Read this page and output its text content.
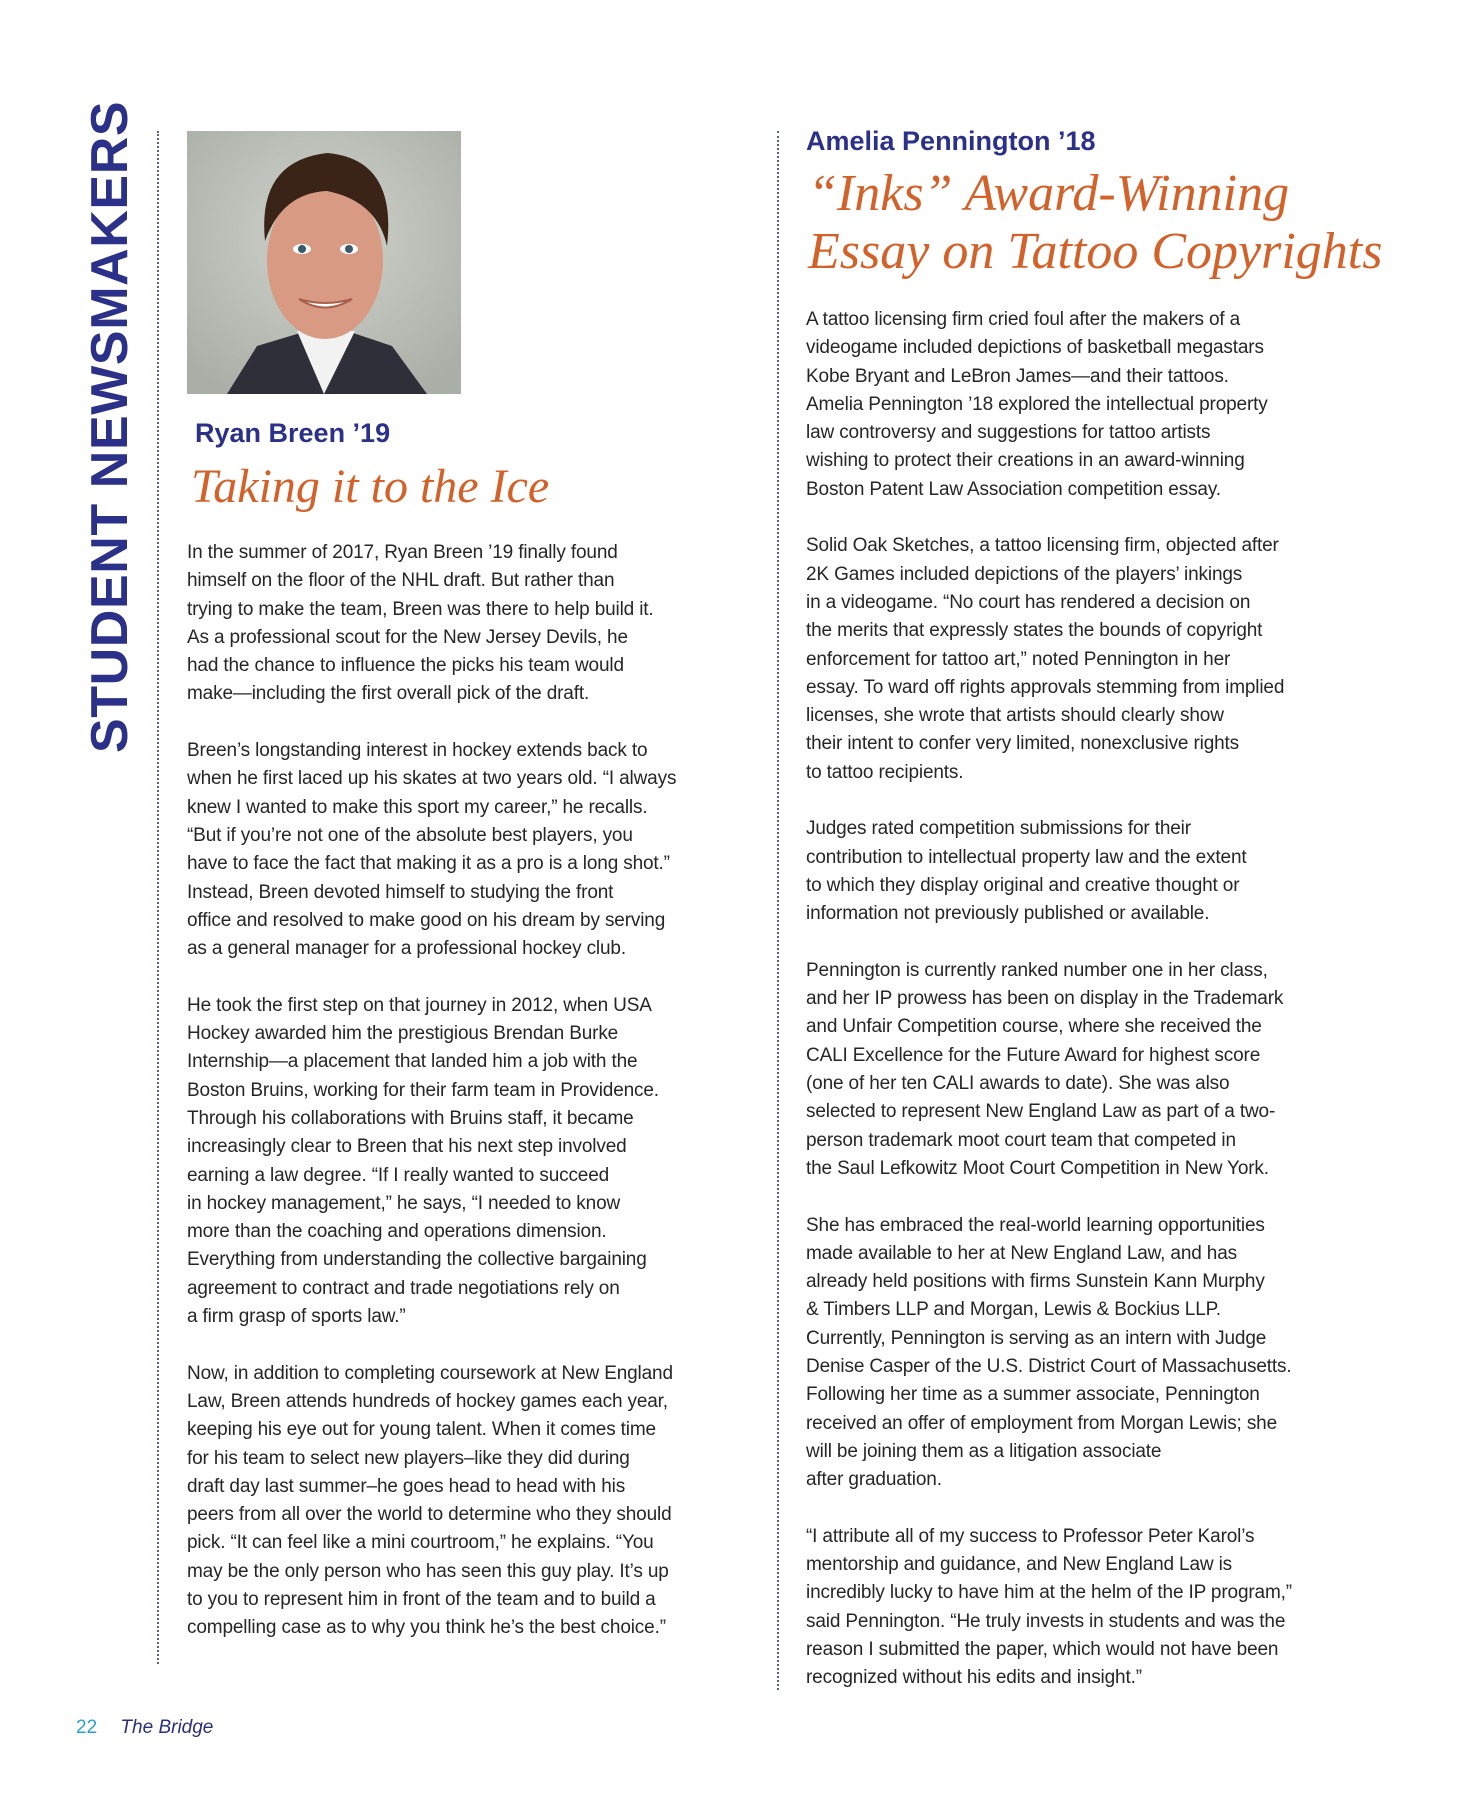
STUDENT NEWSMAKERS Ryan Breen ’19
Taking it to the Ice
In the summer of 2017, Ryan Breen ’19 finally found
himself on the floor of the NHL draft. But rather than
trying to make the team, Breen was there to help build it.
As a professional scout for the New Jersey Devils, he
had the chance to influence the picks his team would
make—including the first overall pick of the draft.
Breen’s longstanding interest in hockey extends back to
when he first laced up his skates at two years old. “I always
knew I wanted to make this sport my career,” he recalls.
“But if you’re not one of the absolute best players, you
have to face the fact that making it as a pro is a long shot.”
Instead, Breen devoted himself to studying the front
office and resolved to make good on his dream by serving
as a general manager for a professional hockey club.
He took the first step on that journey in 2012, when USA
Hockey awarded him the prestigious Brendan Burke
Internship—a placement that landed him a job with the
Boston Bruins, working for their farm team in Providence.
Through his collaborations with Bruins staff, it became
increasingly clear to Breen that his next step involved
earning a law degree. “If I really wanted to succeed
in hockey management,” he says, “I needed to know
more than the coaching and operations dimension.
Everything from understanding the collective bargaining
agreement to contract and trade negotiations rely on
a firm grasp of sports law.”
Now, in addition to completing coursework at New England
Law, Breen attends hundreds of hockey games each year,
keeping his eye out for young talent. When it comes time
for his team to select new players–like they did during
draft day last summer–he goes head to head with his
peers from all over the world to determine who they should
pick. “It can feel like a mini courtroom,” he explains. “You
may be the only person who has seen this guy play. It’s up
to you to represent him in front of the team and to build a
compelling case as to why you think he’s the best choice.”
Amelia Pennington ’18
“Inks” Award-Winning
Essay on Tattoo Copyrights
A tattoo licensing firm cried foul after the makers of a
videogame included depictions of basketball megastars
Kobe Bryant and LeBron James—and their tattoos.
Amelia Pennington ’18 explored the intellectual property
law controversy and suggestions for tattoo artists
wishing to protect their creations in an award-winning
Boston Patent Law Association competition essay.
Solid Oak Sketches, a tattoo licensing firm, objected after
2K Games included depictions of the players’ inkings
in a videogame. “No court has rendered a decision on
the merits that expressly states the bounds of copyright
enforcement for tattoo art,” noted Pennington in her
essay. To ward off rights approvals stemming from implied
licenses, she wrote that artists should clearly show
their intent to confer very limited, nonexclusive rights
to tattoo recipients.
Judges rated competition submissions for their
contribution to intellectual property law and the extent
to which they display original and creative thought or
information not previously published or available.
Pennington is currently ranked number one in her class,
and her IP prowess has been on display in the Trademark
and Unfair Competition course, where she received the
CALI Excellence for the Future Award for highest score
(one of her ten CALI awards to date). She was also
selected to represent New England Law as part of a two-
person trademark moot court team that competed in
the Saul Lefkowitz Moot Court Competition in New York.
She has embraced the real-world learning opportunities
made available to her at New England Law, and has
already held positions with firms Sunstein Kann Murphy
& Timbers LLP and Morgan, Lewis & Bockius LLP.
Currently, Pennington is serving as an intern with Judge
Denise Casper of the U.S. District Court of Massachusetts.
Following her time as a summer associate, Pennington
received an offer of employment from Morgan Lewis; she
will be joining them as a litigation associate
after graduation.
“I attribute all of my success to Professor Peter Karol’s
mentorship and guidance, and New England Law is
incredibly lucky to have him at the helm of the IP program,”
said Pennington. “He truly invests in students and was the
reason I submitted the paper, which would not have been
recognized without his edits and insight.”
22 The Bridge
